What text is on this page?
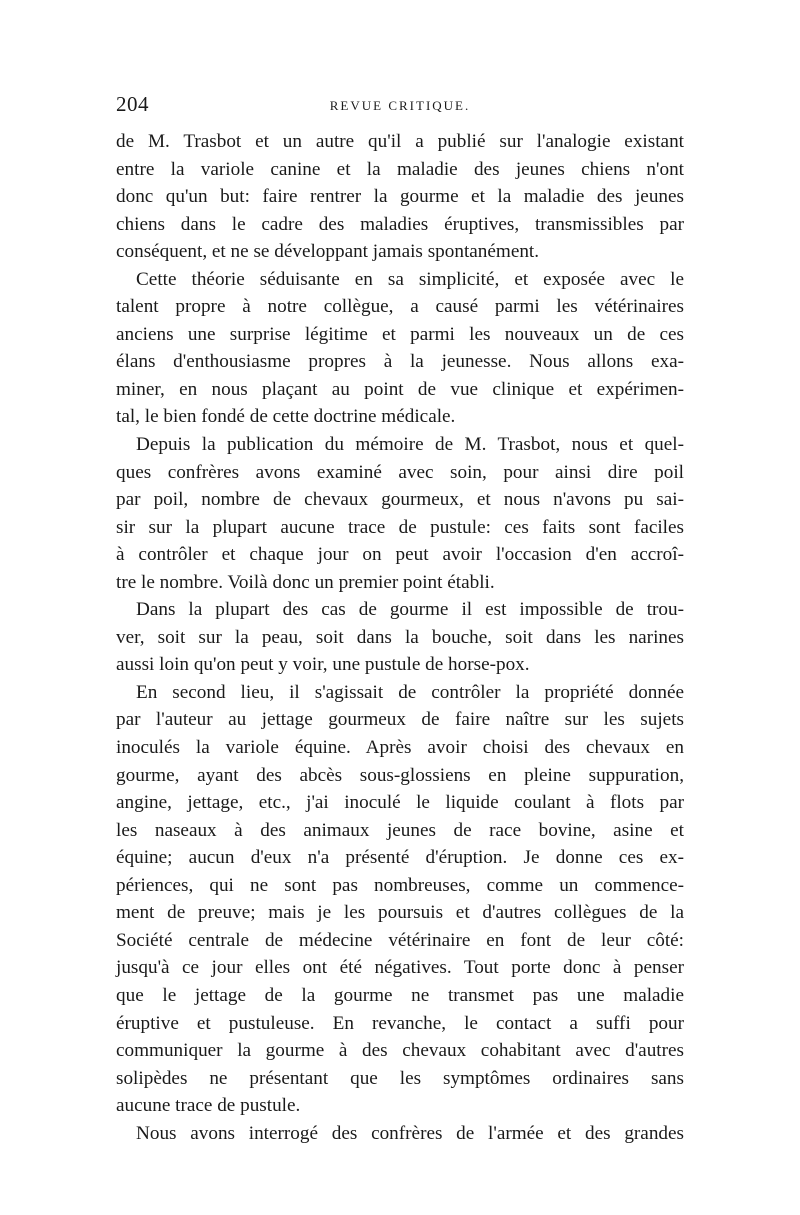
204	REVUE CRITIQUE.
de M. Trasbot et un autre qu'il a publié sur l'analogie existant
entre la variole canine et la maladie des jeunes chiens n'ont
donc qu'un but: faire rentrer la gourme et la maladie des jeunes
chiens dans le cadre des maladies éruptives, transmissibles par
conséquent, et ne se développant jamais spontanément.
Cette théorie séduisante en sa simplicité, et exposée avec le
talent propre à notre collègue, a causé parmi les vétérinaires
anciens une surprise légitime et parmi les nouveaux un de ces
élans d'enthousiasme propres à la jeunesse. Nous allons exa-
miner, en nous plaçant au point de vue clinique et expérimen-
tal, le bien fondé de cette doctrine médicale.
Depuis la publication du mémoire de M. Trasbot, nous et quel-
ques confrères avons examiné avec soin, pour ainsi dire poil
par poil, nombre de chevaux gourmeux, et nous n'avons pu sai-
sir sur la plupart aucune trace de pustule: ces faits sont faciles
à contrôler et chaque jour on peut avoir l'occasion d'en accroî-
tre le nombre. Voilà donc un premier point établi.
Dans la plupart des cas de gourme il est impossible de trou-
ver, soit sur la peau, soit dans la bouche, soit dans les narines
aussi loin qu'on peut y voir, une pustule de horse-pox.
En second lieu, il s'agissait de contrôler la propriété donnée
par l'auteur au jettage gourmeux de faire naître sur les sujets
inoculés la variole équine. Après avoir choisi des chevaux en
gourme, ayant des abcès sous-glossiens en pleine suppuration,
angine, jettage, etc., j'ai inoculé le liquide coulant à flots par
les naseaux à des animaux jeunes de race bovine, asine et
équine; aucun d'eux n'a présenté d'éruption. Je donne ces ex-
périences, qui ne sont pas nombreuses, comme un commence-
ment de preuve; mais je les poursuis et d'autres collègues de la
Société centrale de médecine vétérinaire en font de leur côté:
jusqu'à ce jour elles ont été négatives. Tout porte donc à penser
que le jettage de la gourme ne transmet pas une maladie
éruptive et pustuleuse. En revanche, le contact a suffi pour
communiquer la gourme à des chevaux cohabitant avec d'autres
solipèdes ne présentant que les symptômes ordinaires sans
aucune trace de pustule.
Nous avons interrogé des confrères de l'armée et des grandes
